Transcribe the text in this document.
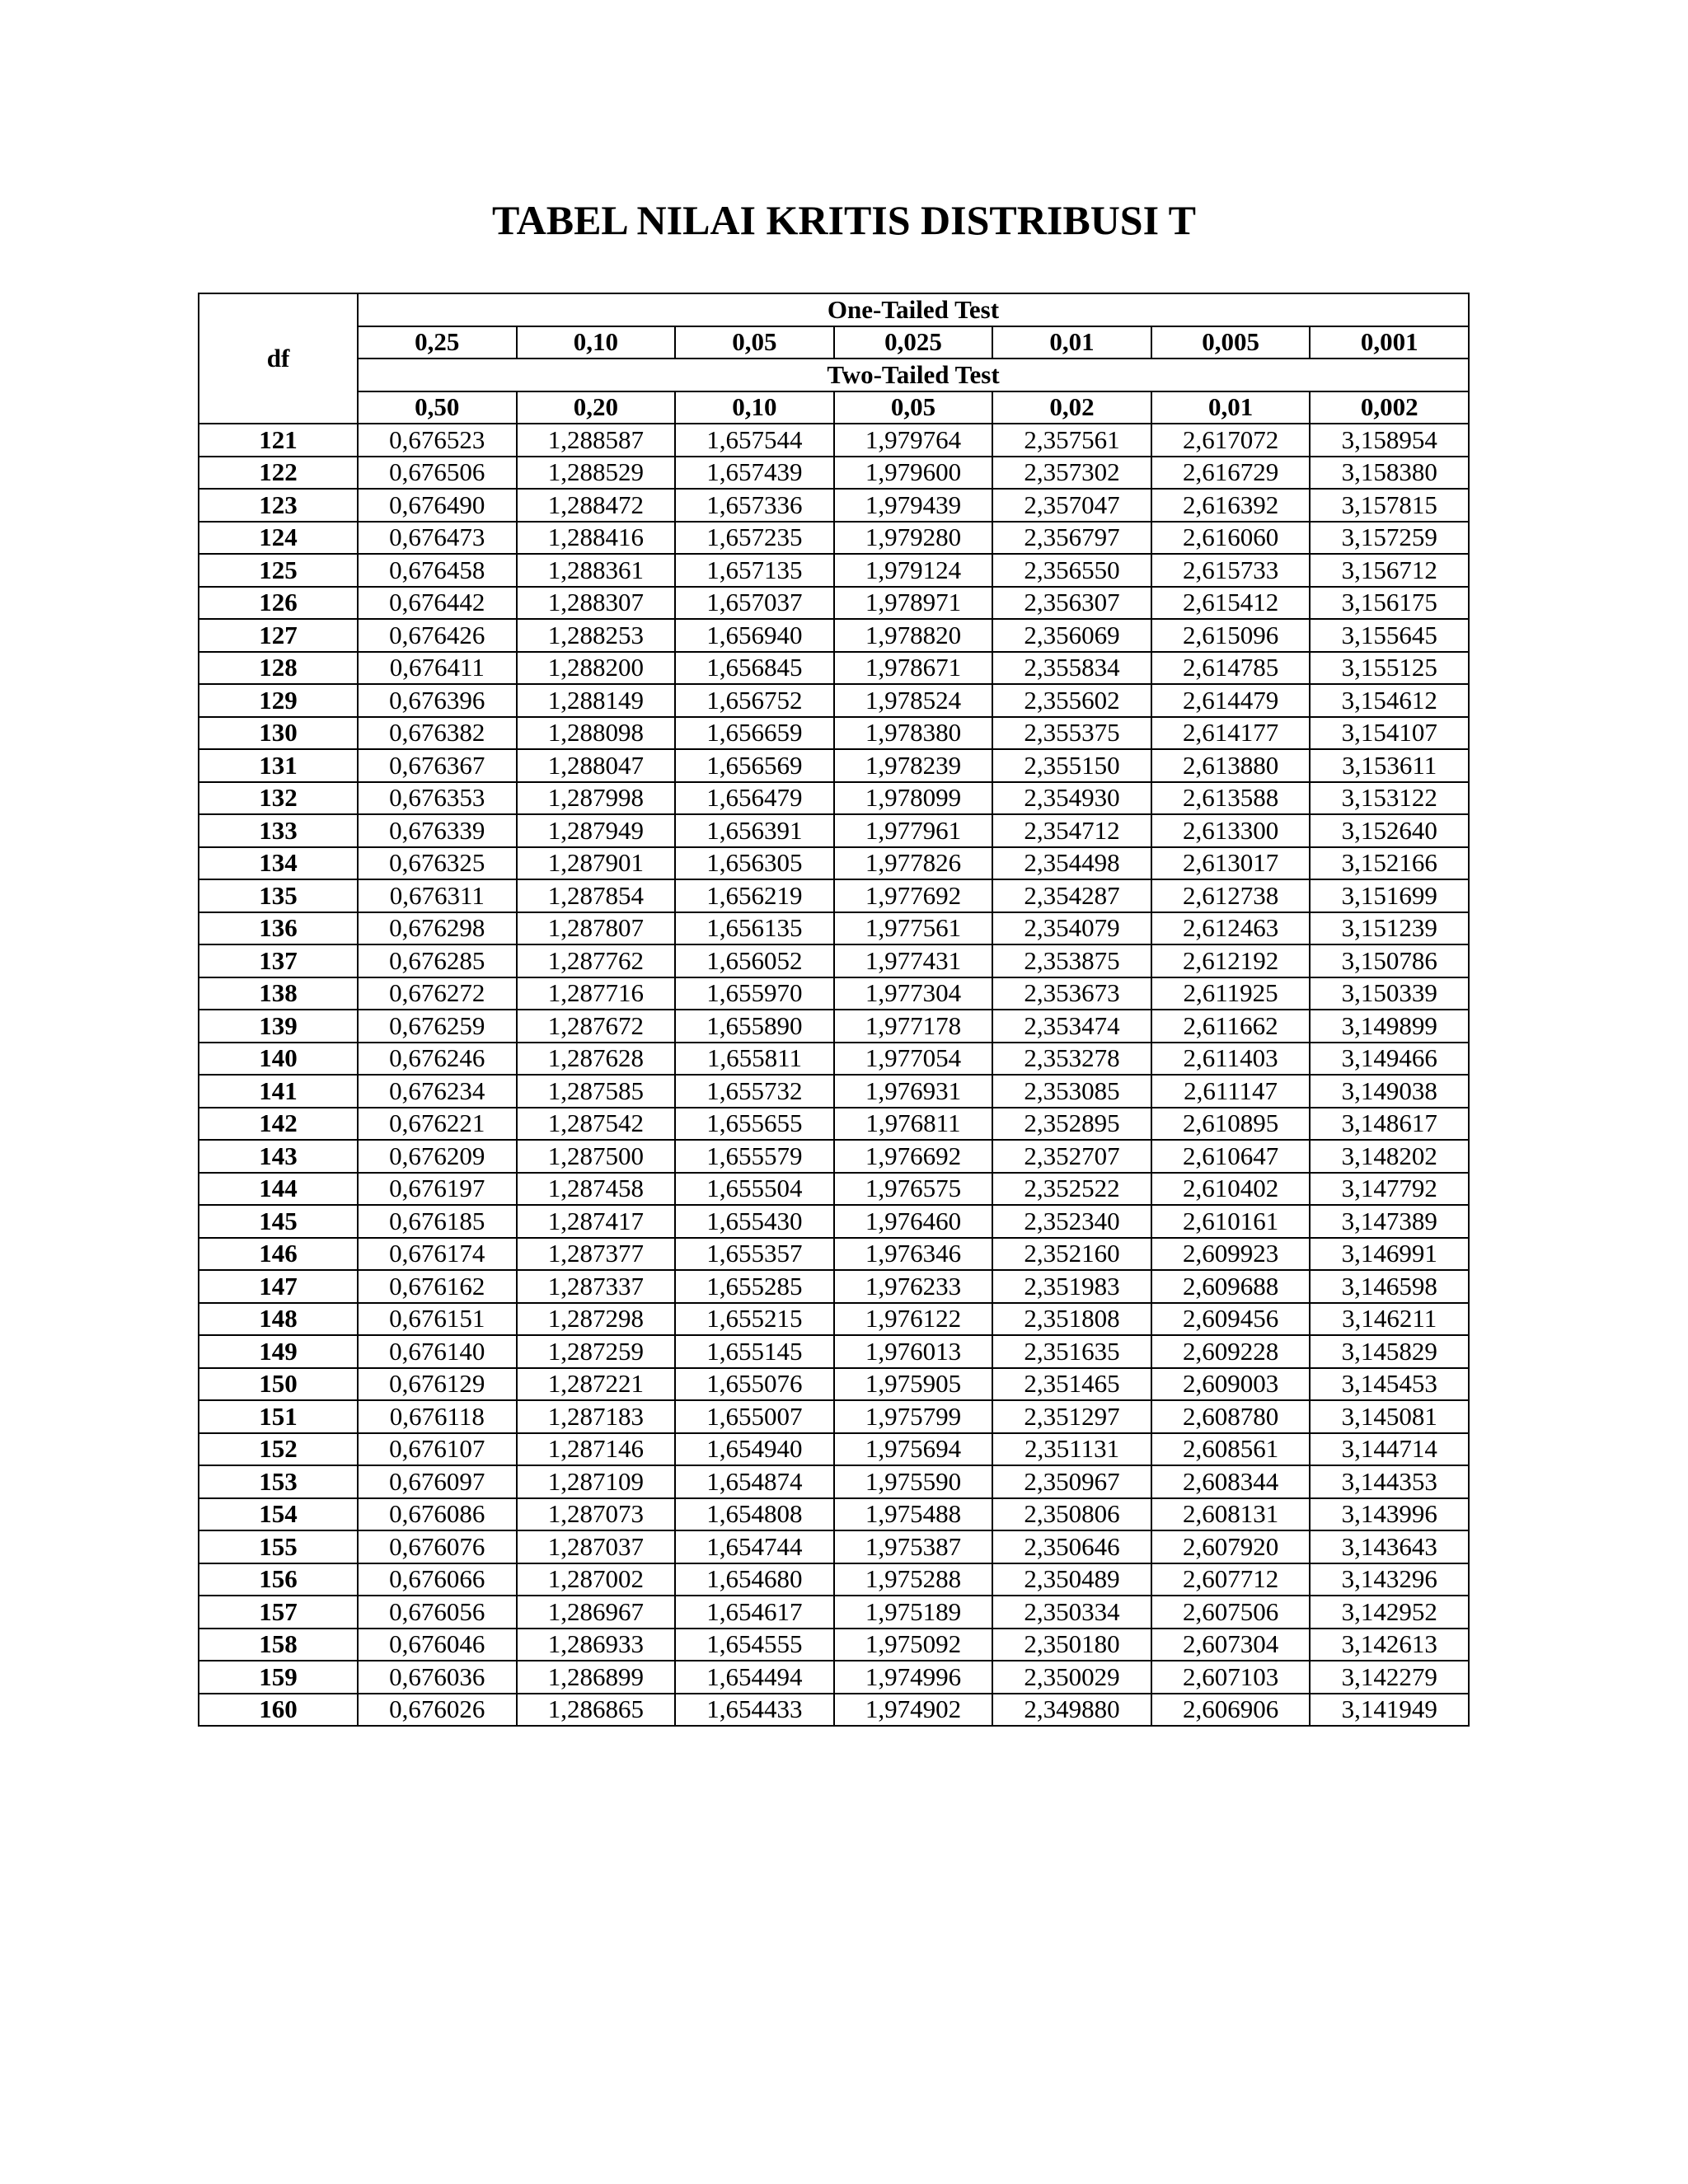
TABEL NILAI KRITIS DISTRIBUSI T
df	One-Tailed Test						
	0,25	0,10	0,05	0,025	0,01	0,005	0,001
	Two-Tailed Test						
	0,50	0,20	0,10	0,05	0,02	0,01	0,002
121	0,676523	1,288587	1,657544	1,979764	2,357561	2,617072	3,158954
122	0,676506	1,288529	1,657439	1,979600	2,357302	2,616729	3,158380
123	0,676490	1,288472	1,657336	1,979439	2,357047	2,616392	3,157815
124	0,676473	1,288416	1,657235	1,979280	2,356797	2,616060	3,157259
125	0,676458	1,288361	1,657135	1,979124	2,356550	2,615733	3,156712
126	0,676442	1,288307	1,657037	1,978971	2,356307	2,615412	3,156175
127	0,676426	1,288253	1,656940	1,978820	2,356069	2,615096	3,155645
128	0,676411	1,288200	1,656845	1,978671	2,355834	2,614785	3,155125
129	0,676396	1,288149	1,656752	1,978524	2,355602	2,614479	3,154612
130	0,676382	1,288098	1,656659	1,978380	2,355375	2,614177	3,154107
131	0,676367	1,288047	1,656569	1,978239	2,355150	2,613880	3,153611
132	0,676353	1,287998	1,656479	1,978099	2,354930	2,613588	3,153122
133	0,676339	1,287949	1,656391	1,977961	2,354712	2,613300	3,152640
134	0,676325	1,287901	1,656305	1,977826	2,354498	2,613017	3,152166
135	0,676311	1,287854	1,656219	1,977692	2,354287	2,612738	3,151699
136	0,676298	1,287807	1,656135	1,977561	2,354079	2,612463	3,151239
137	0,676285	1,287762	1,656052	1,977431	2,353875	2,612192	3,150786
138	0,676272	1,287716	1,655970	1,977304	2,353673	2,611925	3,150339
139	0,676259	1,287672	1,655890	1,977178	2,353474	2,611662	3,149899
140	0,676246	1,287628	1,655811	1,977054	2,353278	2,611403	3,149466
141	0,676234	1,287585	1,655732	1,976931	2,353085	2,611147	3,149038
142	0,676221	1,287542	1,655655	1,976811	2,352895	2,610895	3,148617
143	0,676209	1,287500	1,655579	1,976692	2,352707	2,610647	3,148202
144	0,676197	1,287458	1,655504	1,976575	2,352522	2,610402	3,147792
145	0,676185	1,287417	1,655430	1,976460	2,352340	2,610161	3,147389
146	0,676174	1,287377	1,655357	1,976346	2,352160	2,609923	3,146991
147	0,676162	1,287337	1,655285	1,976233	2,351983	2,609688	3,146598
148	0,676151	1,287298	1,655215	1,976122	2,351808	2,609456	3,146211
149	0,676140	1,287259	1,655145	1,976013	2,351635	2,609228	3,145829
150	0,676129	1,287221	1,655076	1,975905	2,351465	2,609003	3,145453
151	0,676118	1,287183	1,655007	1,975799	2,351297	2,608780	3,145081
152	0,676107	1,287146	1,654940	1,975694	2,351131	2,608561	3,144714
153	0,676097	1,287109	1,654874	1,975590	2,350967	2,608344	3,144353
154	0,676086	1,287073	1,654808	1,975488	2,350806	2,608131	3,143996
155	0,676076	1,287037	1,654744	1,975387	2,350646	2,607920	3,143643
156	0,676066	1,287002	1,654680	1,975288	2,350489	2,607712	3,143296
157	0,676056	1,286967	1,654617	1,975189	2,350334	2,607506	3,142952
158	0,676046	1,286933	1,654555	1,975092	2,350180	2,607304	3,142613
159	0,676036	1,286899	1,654494	1,974996	2,350029	2,607103	3,142279
160	0,676026	1,286865	1,654433	1,974902	2,349880	2,606906	3,141949
